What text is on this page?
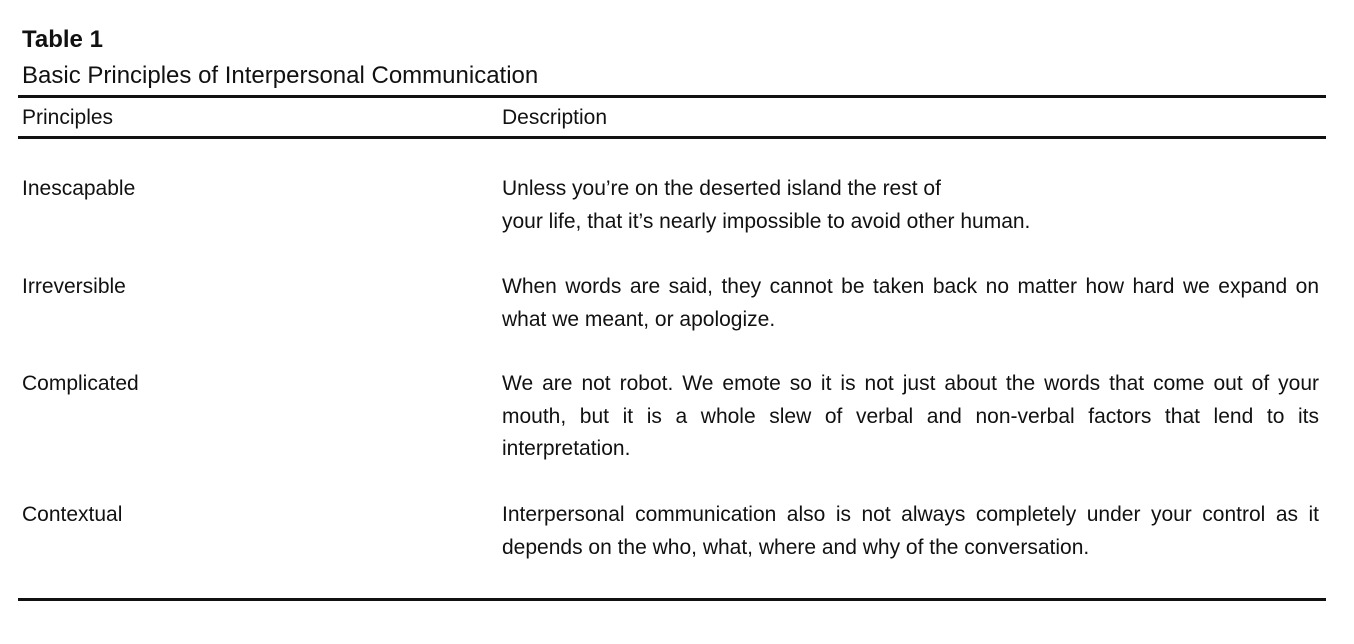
Table 1
Basic Principles of Interpersonal Communication
Principles	Description
Inescapable	Unless you’re on the deserted island the rest of
your life, that it’s nearly impossible to avoid other human.
Irreversible	When words are said, they cannot be taken back no matter how hard we expand on what we meant, or apologize.
Complicated	We are not robot. We emote so it is not just about the words that come out of your mouth, but it is a whole slew of verbal and non-verbal factors that lend to its interpretation.
Contextual	Interpersonal communication also is not always completely under your control as it depends on the who, what, where and why of the conversation.
